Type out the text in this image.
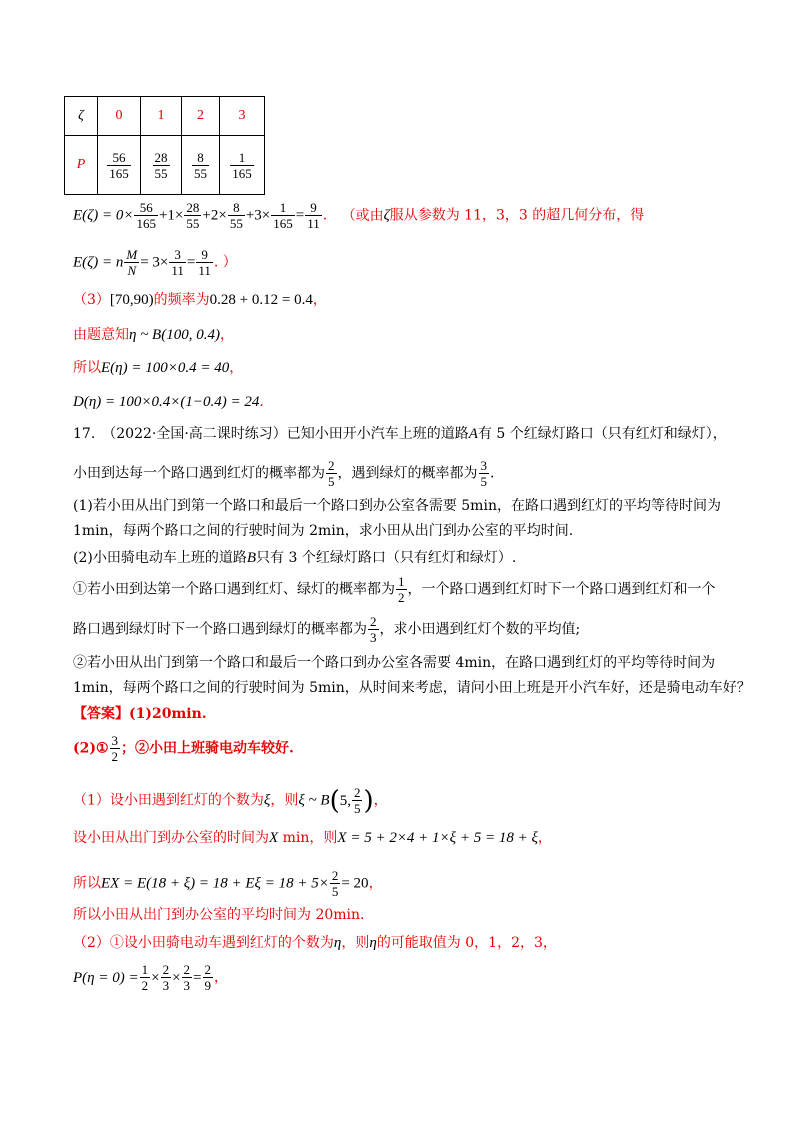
ζ	0	1	2	3
P	$\frac{56}{165}$	$\frac{28}{55}$	$\frac{8}{55}$	$\frac{1}{165}$
$E(\zeta) = 0\times \frac{56}{165} +1\times \frac{28}{55} +2\times \frac{8}{55} +3\times \frac{1}{165} = \frac{9}{11}$ . （或由ζ服从参数为 11，3，3 的超几何分布，得
E(ζ) = n $\frac{M}{N} = 3\times \frac{3}{11} = \frac{9}{11}$ . ）
（3）[70,90)的频率为0.28 + 0.12 = 0.4，
由题意知η ~ B(100, 0.4)，
所以E(η) = 100×0.4 = 40，
D(η) = 100×0.4×(1−0.4) = 24.
17.　（2022·全国·高二课时练习）已知小田开小汽车上班的道路A有 5 个红绿灯路口（只有红灯和绿灯），
小田到达每一个路口遇到红灯的概率都为 $\frac{2}{5}$ ，遇到绿灯的概率都为 $\frac{3}{5}$ .
(1)若小田从出门到第一个路口和最后一个路口到办公室各需要 5min，在路口遇到红灯的平均等待时间为
1min，每两个路口之间的行驶时间为 2min，求小田从出门到办公室的平均时间.
(2)小田骑电动车上班的道路B只有 3 个红绿灯路口（只有红灯和绿灯）.
①若小田到达第一个路口遇到红灯、绿灯的概率都为 $\frac{1}{2}$ ，一个路口遇到红灯时下一个路口遇到红灯和一个
路口遇到绿灯时下一个路口遇到绿灯的概率都为 $\frac{2}{3}$ ，求小田遇到红灯个数的平均值;
②若小田从出门到第一个路口和最后一个路口到办公室各需要 4min，在路口遇到红灯的平均等待时间为
1min，每两个路口之间的行驶时间为 5min，从时间来考虑，请问小田上班是开小汽车好，还是骑电动车好？
【答案】(1)20min.
(2)① $\frac{3}{2}$ ；②小田上班骑电动车较好.
（1）设小田遇到红灯的个数为ξ，则ξ ~ B(5, $\frac{2}{5}$ )，
设小田从出门到办公室的时间为X min，则X = 5 + 2×4 + 1×ξ + 5 = 18 + ξ，
所以EX = $E(18 + \xi) = 18 + E\xi = 18 + 5\times \frac{2}{5} = 20$，
所以小田从出门到办公室的平均时间为 20min.
（2）①设小田骑电动车遇到红灯的个数为η，则η的可能取值为 0，1，2，3，
$P(\eta = 0) = \frac{1}{2} \times \frac{2}{3} \times \frac{2}{3} = \frac{2}{9}$ ，
